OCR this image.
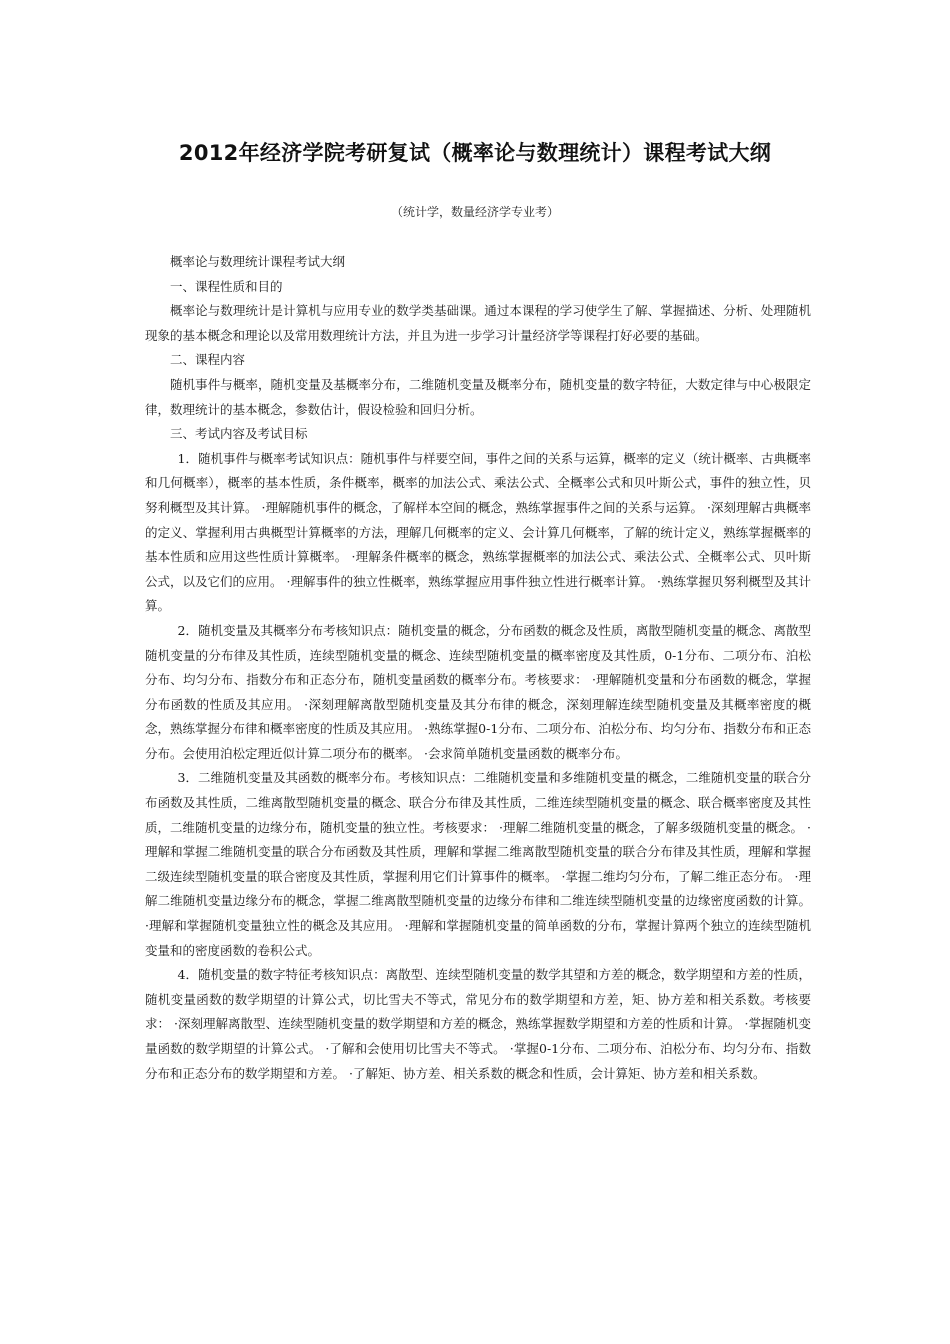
2012年经济学院考研复试（概率论与数理统计）课程考试大纲
（统计学，数量经济学专业考）

概率论与数理统计课程考试大纲

一、课程性质和目的

概率论与数理统计是计算机与应用专业的数学类基础课。通过本课程的学习使学生了解、掌握描述、分析、处理随机现象的基本概念和理论以及常用数理统计方法，并且为进一步学习计量经济学等课程打好必要的基础。

二、课程内容

随机事件与概率，随机变量及基概率分布，二维随机变量及概率分布，随机变量的数字特征，大数定律与中心极限定律，数理统计的基本概念，参数估计，假设检验和回归分析。

三、考试内容及考试目标

1．随机事件与概率考试知识点：随机事件与样要空间，事件之间的关系与运算，概率的定义（统计概率、古典概率和几何概率），概率的基本性质，条件概率，概率的加法公式、乘法公式、全概率公式和贝叶斯公式，事件的独立性，贝努利概型及其计算。 ·理解随机事件的概念，了解样本空间的概念，熟练掌握事件之间的关系与运算。 ·深刻理解古典概率的定义、掌握利用古典概型计算概率的方法，理解几何概率的定义、会计算几何概率，了解的统计定义，熟练掌握概率的基本性质和应用这些性质计算概率。 ·理解条件概率的概念，熟练掌握概率的加法公式、乘法公式、全概率公式、贝叶斯公式，以及它们的应用。 ·理解事件的独立性概率，熟练掌握应用事件独立性进行概率计算。 ·熟练掌握贝努利概型及其计算。

2．随机变量及其概率分布考核知识点：随机变量的概念，分布函数的概念及性质，离散型随机变量的概念、离散型随机变量的分布律及其性质，连续型随机变量的概念、连续型随机变量的概率密度及其性质，0-1分布、二项分布、泊松分布、均匀分布、指数分布和正态分布，随机变量函数的概率分布。考核要求： ·理解随机变量和分布函数的概念，掌握分布函数的性质及其应用。 ·深刻理解离散型随机变量及其分布律的概念，深刻理解连续型随机变量及其概率密度的概念，熟练掌握分布律和概率密度的性质及其应用。 ·熟练掌握0-1分布、二项分布、泊松分布、均匀分布、指数分布和正态分布。会使用泊松定理近似计算二项分布的概率。 ·会求简单随机变量函数的概率分布。

3．二维随机变量及其函数的概率分布。考核知识点：二维随机变量和多维随机变量的概念，二维随机变量的联合分布函数及其性质，二维离散型随机变量的概念、联合分布律及其性质，二维连续型随机变量的概念、联合概率密度及其性质，二维随机变量的边缘分布，随机变量的独立性。考核要求： ·理解二维随机变量的概念，了解多级随机变量的概念。 ·理解和掌握二维随机变量的联合分布函数及其性质，理解和掌握二维离散型随机变量的联合分布律及其性质，理解和掌握二级连续型随机变量的联合密度及其性质，掌握利用它们计算事件的概率。 ·掌握二维均匀分布，了解二维正态分布。 ·理解二维随机变量边缘分布的概念，掌握二维离散型随机变量的边缘分布律和二维连续型随机变量的边缘密度函数的计算。 ·理解和掌握随机变量独立性的概念及其应用。 ·理解和掌握随机变量的简单函数的分布，掌握计算两个独立的连续型随机变量和的密度函数的卷积公式。

4．随机变量的数字特征考核知识点：离散型、连续型随机变量的数学其望和方差的概念，数学期望和方差的性质，随机变量函数的数学期望的计算公式，切比雪夫不等式，常见分布的数学期望和方差，矩、协方差和相关系数。考核要求： ·深刻理解离散型、连续型随机变量的数学期望和方差的概念，熟练掌握数学期望和方差的性质和计算。 ·掌握随机变量函数的数学期望的计算公式。 ·了解和会使用切比雪夫不等式。 ·掌握0-1分布、二项分布、泊松分布、均匀分布、指数分布和正态分布的数学期望和方差。 ·了解矩、协方差、相关系数的概念和性质，会计算矩、协方差和相关系数。
